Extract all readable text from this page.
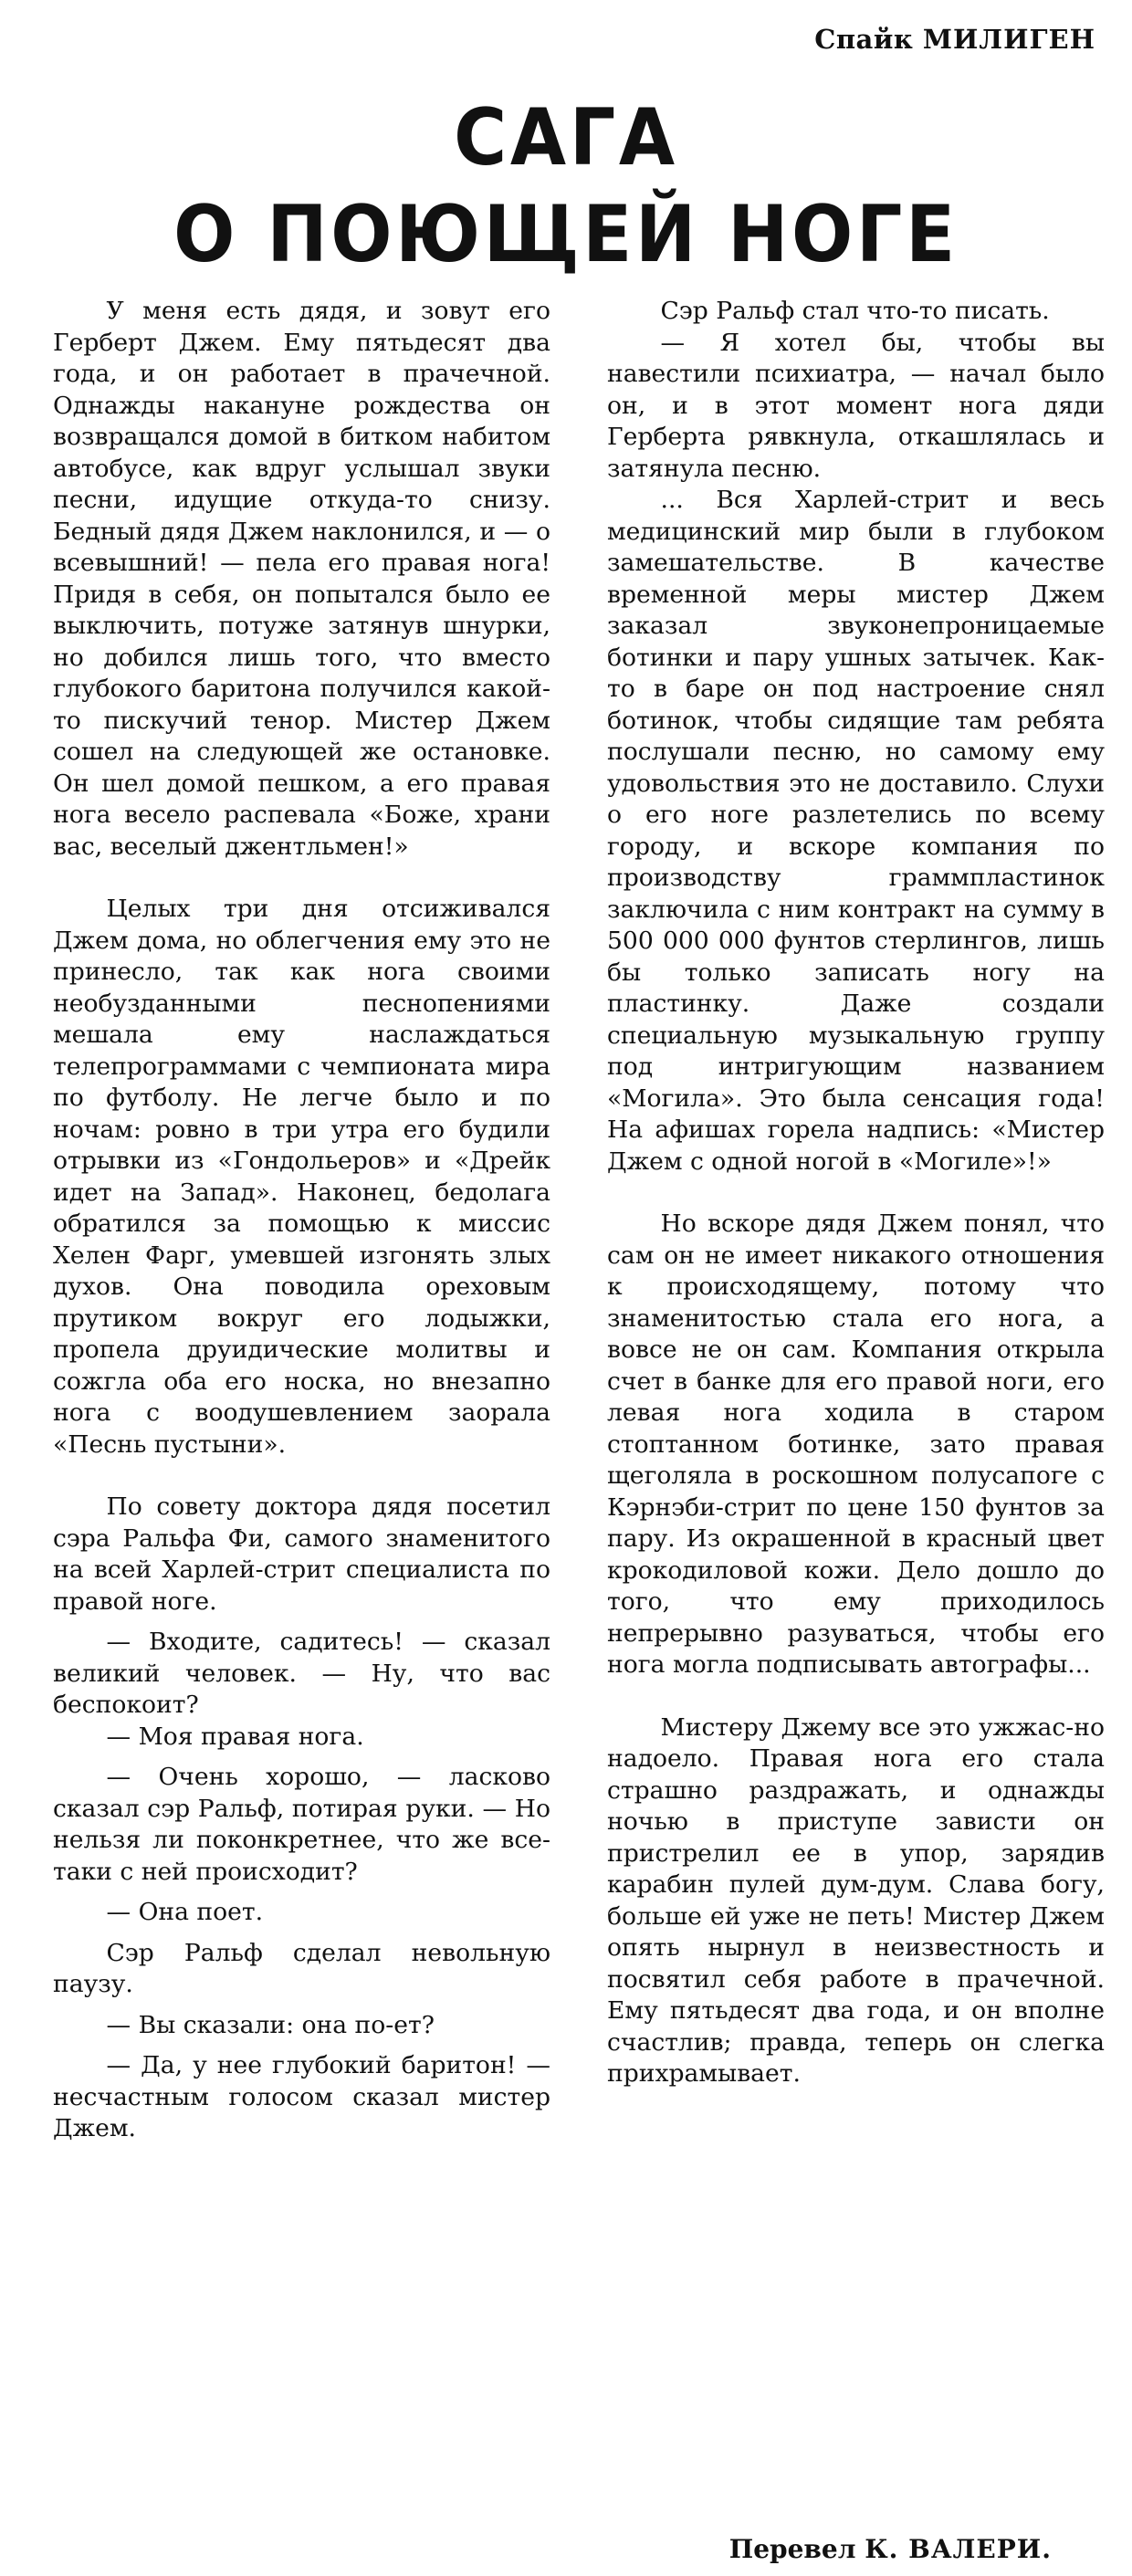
Спайк МИЛИГЕН
САГА
О ПОЮЩЕЙ НОГЕ

У меня есть дядя, и зовут его Герберт Джем. Ему пятьдесят два года, и он работает в прачечной. Однажды накануне рождества он возвращался домой в битком набитом автобусе, как вдруг услышал звуки песни, идущие откуда-то снизу. Бедный дядя Джем наклонился, и — о всевышний! — пела его правая нога! Придя в себя, он попытался было ее выключить, потуже затянув шнурки, но добился лишь того, что вместо глубокого баритона получился какой-то пискучий тенор. Мистер Джем сошел на следующей же остановке. Он шел домой пешком, а его правая нога весело распевала «Боже, храни вас, веселый джентльмен!»

Целых три дня отсиживался Джем дома, но облегчения ему это не принесло, так как нога своими необузданными песнопениями мешала ему наслаждаться телепрограммами с чемпионата мира по футболу. Не легче было и по ночам: ровно в три утра его будили отрывки из «Гондольеров» и «Дрейк идет на Запад». Наконец, бедолага обратился за помощью к миссис Хелен Фарг, умевшей изгонять злых духов. Она поводила ореховым прутиком вокруг его лодыжки, пропела друидические молитвы и сожгла оба его носка, но внезапно нога с воодушевлением заорала «Песнь пустыни».

По совету доктора дядя посетил сэра Ральфа Фи, самого знаменитого на всей Харлей-стрит специалиста по правой ноге.

— Входите, садитесь! — сказал великий человек. — Ну, что вас беспокоит?

— Моя правая нога.

— Очень хорошо, — ласково сказал сэр Ральф, потирая руки. — Но нельзя ли поконкретнее, что же все-таки с ней происходит?

— Она поет.

Сэр Ральф сделал невольную паузу.

— Вы сказали: она по-ет?

— Да, у нее глубокий баритон! — несчастным голосом сказал мистер Джем.

Сэр Ральф стал что-то писать.

— Я хотел бы, чтобы вы навестили психиатра, — начал было он, и в этот момент нога дяди Герберта рявкнула, откашлялась и затянула песню.

... Вся Харлей-стрит и весь медицинский мир были в глубоком замешательстве. В качестве временной меры мистер Джем заказал звуконепроницаемые ботинки и пару ушных затычек. Как-то в баре он под настроение снял ботинок, чтобы сидящие там ребята послушали песню, но самому ему удовольствия это не доставило. Слухи о его ноге разлетелись по всему городу, и вскоре компания по производству граммпластинок заключила с ним контракт на сумму в 500 000 000 фунтов стерлингов, лишь бы только записать ногу на пластинку. Даже создали специальную музыкальную группу под интригующим названием «Могила». Это была сенсация года! На афишах горела надпись: «Мистер Джем с одной ногой в «Могиле»!»

Но вскоре дядя Джем понял, что сам он не имеет никакого отношения к происходящему, потому что знаменитостью стала его нога, а вовсе не он сам. Компания открыла счет в банке для его правой ноги, его левая нога ходила в старом стоптанном ботинке, зато правая щеголяла в роскошном полусапоге с Кэрнэби-стрит по цене 150 фунтов за пару. Из окрашенной в красный цвет крокодиловой кожи. Дело дошло до того, что ему приходилось непрерывно разуваться, чтобы его нога могла подписывать автографы...

Мистеру Джему все это ужжас-но надоело. Правая нога его стала страшно раздражать, и однажды ночью в приступе зависти он пристрелил ее в упор, зарядив карабин пулей дум-дум. Слава богу, больше ей уже не петь! Мистер Джем опять нырнул в неизвестность и посвятил себя работе в прачечной. Ему пятьдесят два года, и он вполне счастлив; правда, теперь он слегка прихрамывает.

Перевел К. ВАЛЕРИ.
